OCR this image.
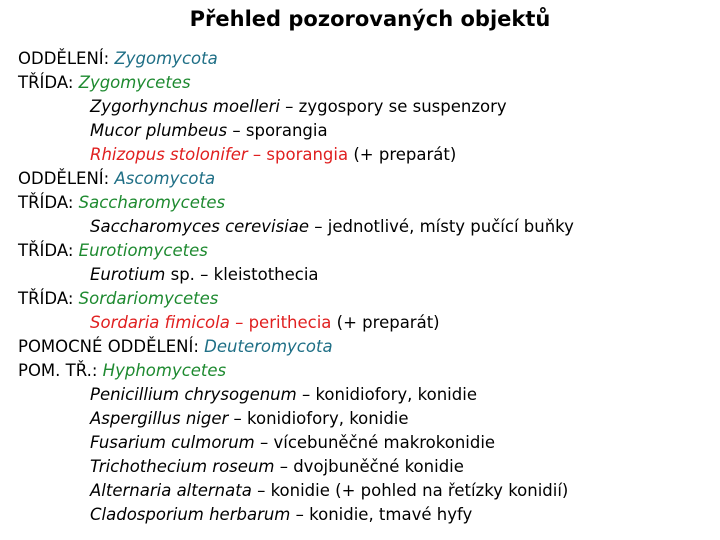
Přehled pozorovaných objektů
ODDĚLENÍ: Zygomycota
TŘÍDA: Zygomycetes
Zygorhynchus moelleri – zygospory se suspenzory
Mucor plumbeus – sporangia
Rhizopus stolonifer – sporangia (+ preparát)
ODDĚLENÍ: Ascomycota
TŘÍDA: Saccharomycetes
Saccharomyces cerevisiae – jednotlivé, místy pučící buňky
TŘÍDA: Eurotiomycetes
Eurotium sp. – kleistothecia
TŘÍDA: Sordariomycetes
Sordaria fimicola – perithecia (+ preparát)
POMOCNÉ ODDĚLENÍ: Deuteromycota
POM. TŘ.: Hyphomycetes
Penicillium chrysogenum – konidiofory, konidie
Aspergillus niger – konidiofory, konidie
Fusarium culmorum – vícebuněčné makrokonidie
Trichothecium roseum – dvojbuněčné konidie
Alternaria alternata – konidie (+ pohled na řetízky konidií)
Cladosporium herbarum – konidie, tmavé hyfy
